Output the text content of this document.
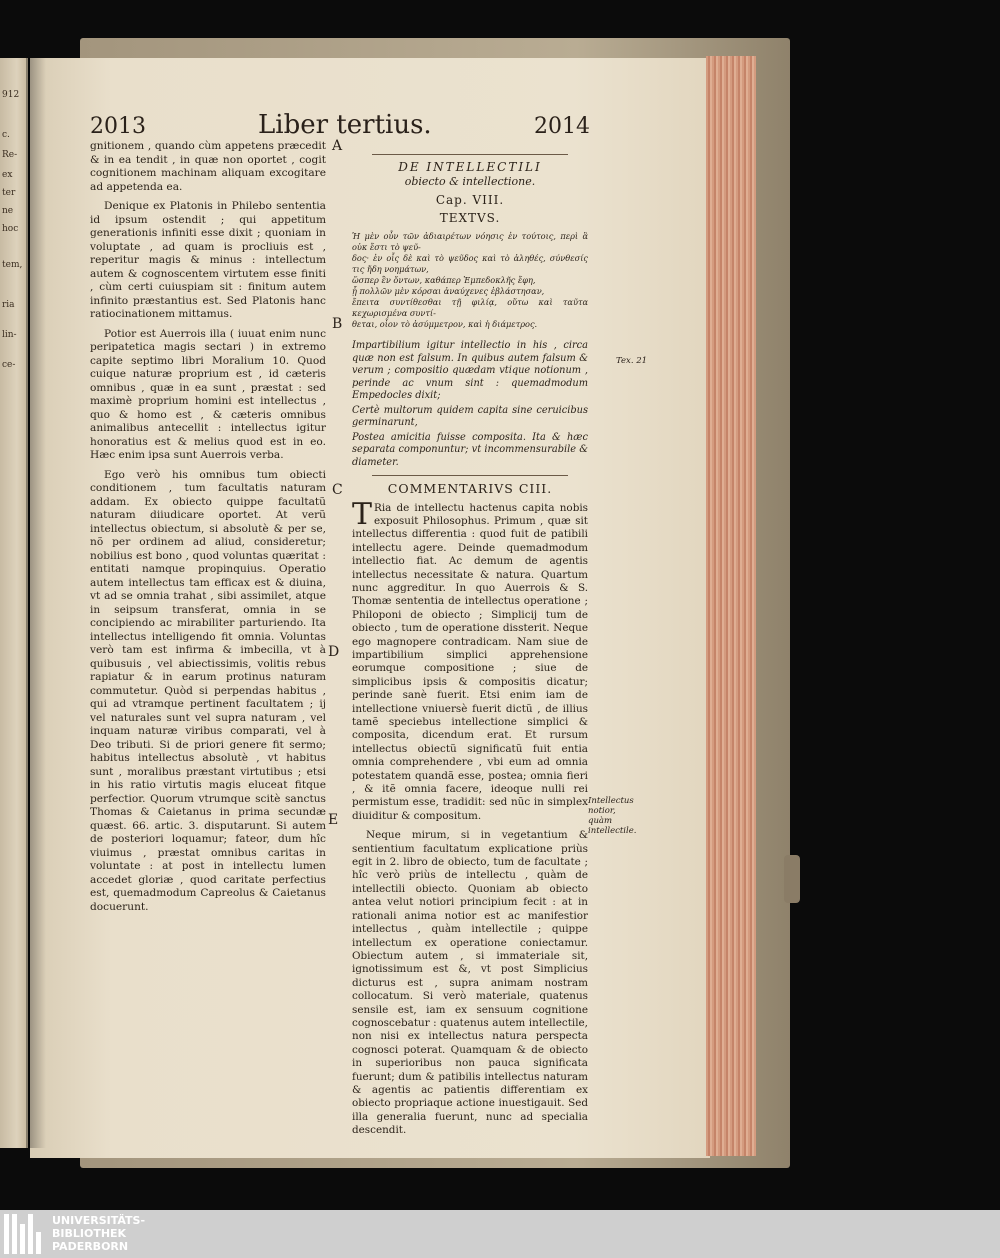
912
c.
Re-
ex
ter
ne
hoc
tem,
ria
lin-
ce-
2013	Liber tertius.	2014

gnitionem , quando cùm appetens præcedit & in ea tendit , in quæ non oportet , cogit cognitionem machinam aliquam excogitare ad appetenda ea.

Denique ex Platonis in Philebo sententia id ipsum ostendit ; qui appetitum generationis infiniti esse dixit ; quoniam in voluptate , ad quam is procliuis est , reperitur magis & minus : intellectum autem & cognoscentem virtutem esse finiti , cùm certi cuiuspiam sit : finitum autem infinito præstantius est. Sed Platonis hanc ratiocinationem mittamus.

Potior est Auerrois illa ( iuuat enim nunc peripatetica magis sectari ) in extremo capite septimo libri Moralium 10. Quod cuique naturæ proprium est , id cæteris omnibus , quæ in ea sunt , præstat : sed maximè proprium homini est intellectus , quo & homo est , & cæteris omnibus animalibus antecellit : intellectus igitur honoratius est & melius quod est in eo. Hæc enim ipsa sunt Auerrois verba.

Ego verò his omnibus tum obiecti conditionem , tum facultatis naturam addam. Ex obiecto quippe facultatũ naturam diiudicare oportet. At verũ intellectus obiectum, si absolutè & per se, nõ per ordinem ad aliud, consideretur; nobilius est bono , quod voluntas quæritat : entitati namque propinquius. Operatio autem intellectus tam efficax est & diuina, vt ad se omnia trahat , sibi assimilet, atque in seipsum transferat, omnia in se concipiendo ac mirabiliter parturiendo. Ita intellectus intelligendo fit omnia. Voluntas verò tam est infirma & imbecilla, vt à quibusuis , vel abiectissimis, volitis rebus rapiatur & in earum protinus naturam commutetur. Quòd si perpendas habitus , qui ad vtramque pertinent facultatem ; ij vel naturales sunt vel supra naturam , vel inquam naturæ viribus comparati, vel à Deo tributi. Si de priori genere fit sermo; habitus intellectus absolutè , vt habitus sunt , moralibus præstant virtutibus ; etsi in his ratio virtutis magis eluceat fitque perfectior. Quorum vtrumque scitè sanctus Thomas & Caietanus in prima secundæ quæst. 66. artic. 3. disputarunt. Si autem de posteriori loquamur; fateor, dum hîc viuimus , præstat omnibus caritas in voluntate : at post in intellectu lumen accedet gloriæ , quod caritate perfectius est, quemadmodum Capreolus & Caietanus docuerunt.

A
B
C
D
E
DE INTELLECTILI
obiecto & intellectione.
Cap. VIII.
TEXTVS.

Ἡ μὲν οὖν τῶν ἀδιαιρέτων νόησις ἐν τούτοις, περὶ ἃ οὐκ ἔστι τὸ ψεῦ-

δος· ἐν οἷς δὲ καὶ τὸ ψεῦδος καὶ τὸ ἀληθές, σύνθεσίς τις ἤδη νοημάτων,

ὥσπερ ἓν ὄντων, καθάπερ Ἐμπεδοκλῆς ἔφη,

ᾗ πολλῶν μὲν κόρσαι ἀναύχενες ἐβλάστησαν,

ἔπειτα συντίθεσθαι τῇ φιλίᾳ, οὕτω καὶ ταῦτα κεχωρισμένα συντί-

θεται, οἷον τὸ ἀσύμμετρον, καὶ ἡ διάμετρος.

Impartibilium igitur intellectio in his , circa quæ non est falsum. In quibus autem falsum & verum ; compositio quædam vtique notionum , perinde ac vnum sint : quemadmodum Empedocles dixit;

Certè multorum quidem capita sine ceruicibus germinarunt,

Postea amicitia fuisse composita. Ita & hæc separata componuntur; vt incommensurabile & diameter.

COMMENTARIVS CIII.

T Ria de intellectu hactenus capita nobis exposuit Philosophus. Primum , quæ sit intellectus differentia : quod fuit de patibili intellectu agere. Deinde quemadmodum intellectio fiat. Ac demum de agentis intellectus necessitate & natura. Quartum nunc aggreditur. In quo Auerrois & S. Thomæ sententia de intellectus operatione ; Philoponi de obiecto ; Simplicij tum de obiecto , tum de operatione dissterit. Neque ego magnopere contradicam. Nam siue de impartibilium simplici apprehensione eorumque compositione ; siue de simplicibus ipsis & compositis dicatur; perinde sanè fuerit. Etsi enim iam de intellectione vniuersè fuerit dictũ , de illius tamẽ speciebus intellectione simplici & composita, dicendum erat. Et rursum intellectus obiectũ significatũ fuit entia omnia comprehendere , vbi eum ad omnia potestatem quandã esse, postea; omnia fieri , & itẽ omnia facere, ideoque nulli rei permistum esse, tradidit: sed nũc in simplex diuiditur & compositum.

Neque mirum, si in vegetantium & sentientium facultatum explicatione priùs egit in 2. libro de obiecto, tum de facultate ; hîc verò priùs de intellectu , quàm de intellectili obiecto. Quoniam ab obiecto antea velut notiori principium fecit : at in rationali anima notior est ac manifestior intellectus , quàm intellectile ; quippe intellectum ex operatione coniectamur. Obiectum autem , si immateriale sit, ignotissimum est &, vt post Simplicius dicturus est , supra animam nostram collocatum. Si verò materiale, quatenus sensile est, iam ex sensuum cognitione cognoscebatur : quatenus autem intellectile, non nisi ex intellectus natura perspecta cognosci poterat. Quamquam & de obiecto in superioribus non pauca significata fuerunt; dum & patibilis intellectus naturam & agentis ac patientis differentiam ex obiecto propriaque actione inuestigauit. Sed illa generalia fuerunt, nunc ad specialia descendit.

Tex. 21
Intellectus notior, quàm intellectile.
UNIVERSITÄTS-
BIBLIOTHEK
PADERBORN
